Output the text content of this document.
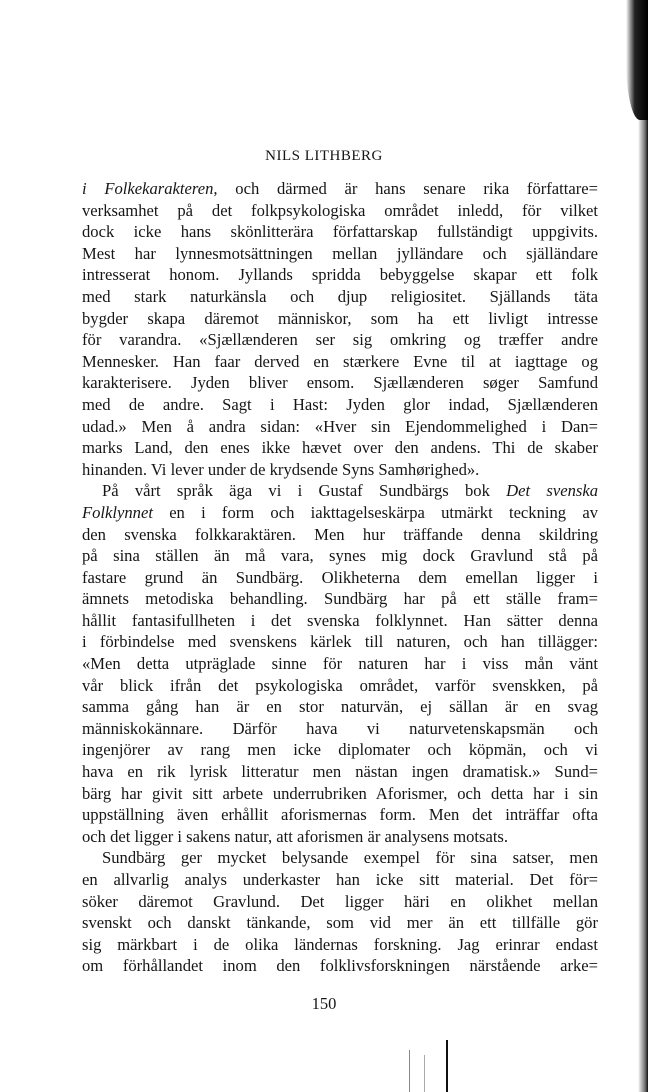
NILS LITHBERG
i Folkekarakteren, och därmed är hans senare rika författare=
verksamhet på det folkpsykologiska området inledd, för vilket
dock icke hans skönlitterära författarskap fullständigt uppgivits.
Mest har lynnesmotsättningen mellan jylländare och själländare
intresserat honom. Jyllands spridda bebyggelse skapar ett folk
med stark naturkänsla och djup religiositet. Själlands täta
bygder skapa däremot människor, som ha ett livligt intresse
för varandra. «Sjællænderen ser sig omkring og træffer andre
Mennesker. Han faar derved en stærkere Evne til at iagttage og
karakterisere. Jyden bliver ensom. Sjællænderen søger Samfund
med de andre. Sagt i Hast: Jyden glor indad, Sjællænderen
udad.» Men å andra sidan: «Hver sin Ejendommelighed i Dan=
marks Land, den enes ikke hævet over den andens. Thi de skaber
hinanden. Vi lever under de krydsende Syns Samhørighed».
På vårt språk äga vi i Gustaf Sundbärgs bok Det svenska
Folklynnet en i form och iakttagelseskärpa utmärkt teckning av
den svenska folkkaraktären. Men hur träffande denna skildring
på sina ställen än må vara, synes mig dock Gravlund stå på
fastare grund än Sundbärg. Olikheterna dem emellan ligger i
ämnets metodiska behandling. Sundbärg har på ett ställe fram=
hållit fantasifullheten i det svenska folklynnet. Han sätter denna
i förbindelse med svenskens kärlek till naturen, och han tillägger:
«Men detta utpräglade sinne för naturen har i viss mån vänt
vår blick ifrån det psykologiska området, varför svenskken, på
samma gång han är en stor naturvän, ej sällan är en svag
människokännare. Därför hava vi naturvetenskapsmän och
ingenjörer av rang men icke diplomater och köpmän, och vi
hava en rik lyrisk litteratur men nästan ingen dramatisk.» Sund=
bärg har givit sitt arbete underrubriken Aforismer, och detta har i sin
uppställning även erhållit aforismernas form. Men det inträffar ofta
och det ligger i sakens natur, att aforismen är analysens motsats.
Sundbärg ger mycket belysande exempel för sina satser, men
en allvarlig analys underkaster han icke sitt material. Det för=
söker däremot Gravlund. Det ligger häri en olikhet mellan
svenskt och danskt tänkande, som vid mer än ett tillfälle gör
sig märkbart i de olika ländernas forskning. Jag erinrar endast
om förhållandet inom den folklivsforskningen närstående arke=
150
